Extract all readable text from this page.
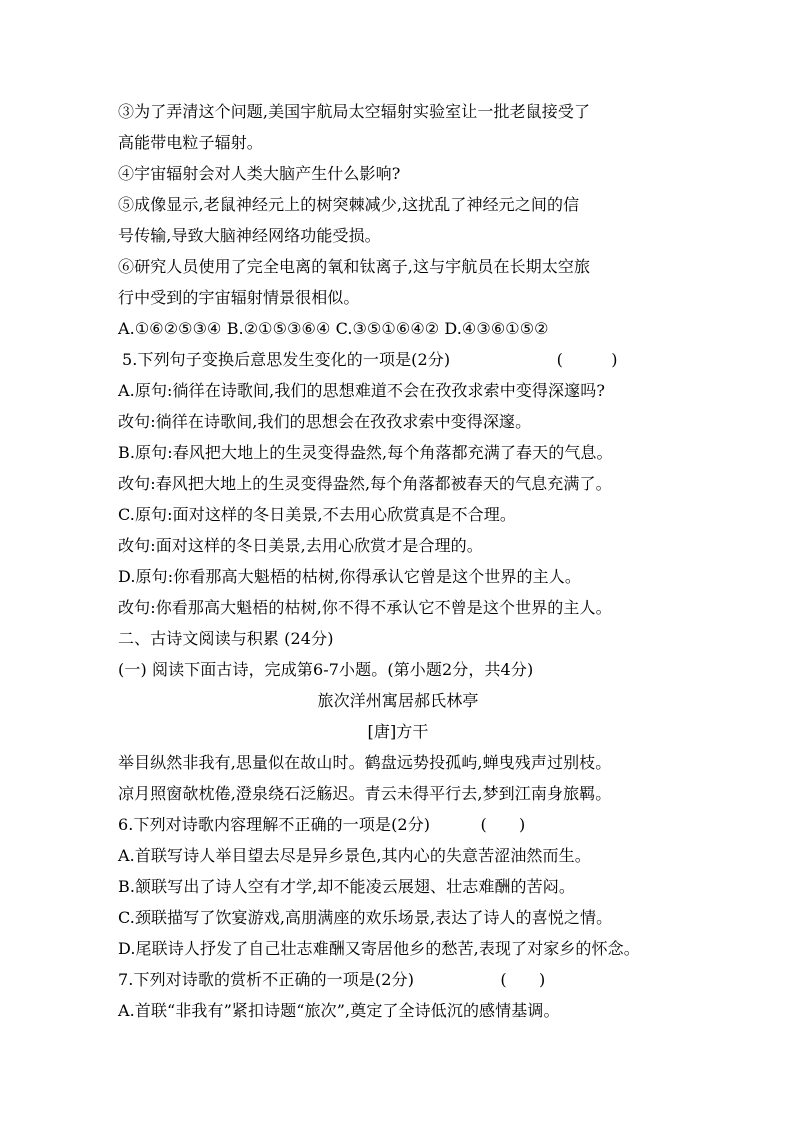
③为了弄清这个问题,美国宇航局太空辐射实验室让一批老鼠接受了
高能带电粒子辐射。
④宇宙辐射会对人类大脑产生什么影响?
⑤成像显示,老鼠神经元上的树突棘减少,这扰乱了神经元之间的信
号传输,导致大脑神经网络功能受损。
⑥研究人员使用了完全电离的氧和钛离子,这与宇航员在长期太空旅
行中受到的宇宙辐射情景很相似。
A.①⑥②⑤③④ B.②①⑤③⑥④ C.③⑤①⑥④② D.④③⑥①⑤②
5.下列句子变换后意思发生变化的一项是(2分)	(　　　)
A.原句:徜徉在诗歌间,我们的思想难道不会在孜孜求索中变得深邃吗?
改句:徜徉在诗歌间,我们的思想会在孜孜求索中变得深邃。
B.原句:春风把大地上的生灵变得盎然,每个角落都充满了春天的气息。
改句:春风把大地上的生灵变得盎然,每个角落都被春天的气息充满了。
C.原句:面对这样的冬日美景,不去用心欣赏真是不合理。
改句:面对这样的冬日美景,去用心欣赏才是合理的。
D.原句:你看那高大魁梧的枯树,你得承认它曾是这个世界的主人。
改句:你看那高大魁梧的枯树,你不得不承认它不曾是这个世界的主人。
二、古诗文阅读与积累 (24分)
(一) 阅读下面古诗，完成第6-7小题。(第小题2分，共4分)
旅次洋州寓居郝氏林亭
[唐]方干
举目纵然非我有,思量似在故山时。鹤盘远势投孤屿,蝉曳残声过别枝。
凉月照窗欹枕倦,澄泉绕石泛觞迟。青云未得平行去,梦到江南身旅羁。
6.下列对诗歌内容理解不正确的一项是(2分)	(　　)
A.首联写诗人举目望去尽是异乡景色,其内心的失意苦涩油然而生。
B.颔联写出了诗人空有才学,却不能凌云展翅、壮志难酬的苦闷。
C.颈联描写了饮宴游戏,高朋满座的欢乐场景,表达了诗人的喜悦之情。
D.尾联诗人抒发了自己壮志难酬又寄居他乡的愁苦,表现了对家乡的怀念。
7.下列对诗歌的赏析不正确的一项是(2分)	(　　)
A.首联“非我有”紧扣诗题“旅次”,奠定了全诗低沉的感情基调。
